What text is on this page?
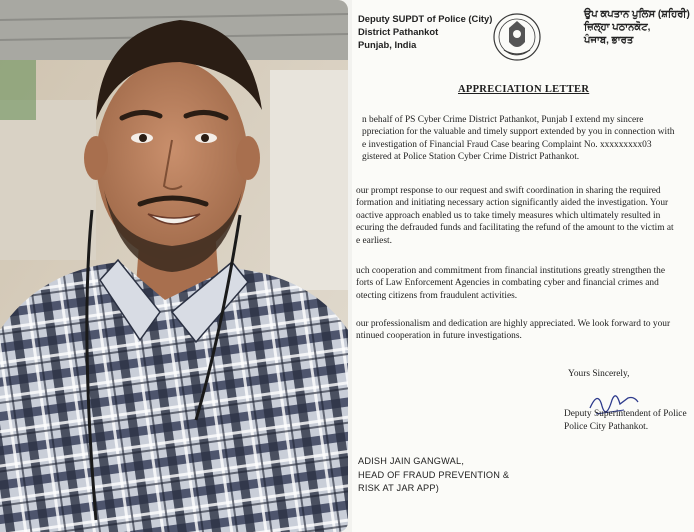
Deputy SUPDT of Police (City)
District Pathankot
Punjab, India
ਉਪ ਕਪਤਾਨ ਪੁਲਿਸ (ਸ਼ਹਿਰੀ)
ਜ਼ਿਲ੍ਹਾ ਪਠਾਨਕੋਟ,
ਪੰਜਾਬ, ਭਾਰਤ
APPRECIATION LETTER
n behalf of PS Cyber Crime District Pathankot, Punjab I extend my sincere
ppreciation for the valuable and timely support extended by you in connection with
e investigation of Financial Fraud Case bearing Complaint No. xxxxxxxxx03
gistered at Police Station Cyber Crime District Pathankot.
our prompt response to our request and swift coordination in sharing the required
formation and initiating necessary action significantly aided the investigation. Your
oactive approach enabled us to take timely measures which ultimately resulted in
ecuring the defrauded funds and facilitating the refund of the amount to the victim at
e earliest.
uch cooperation and commitment from financial institutions greatly strengthen the
forts of Law Enforcement Agencies in combating cyber and financial crimes and
otecting citizens from fraudulent activities.
our professionalism and dedication are highly appreciated. We look forward to your
ntinued cooperation in future investigations.
Yours Sincerely,
Deputy Superintendent of Police
Police City Pathankot.
ADISH JAIN GANGWAL,
HEAD OF FRAUD PREVENTION &
RISK AT JAR APP)
